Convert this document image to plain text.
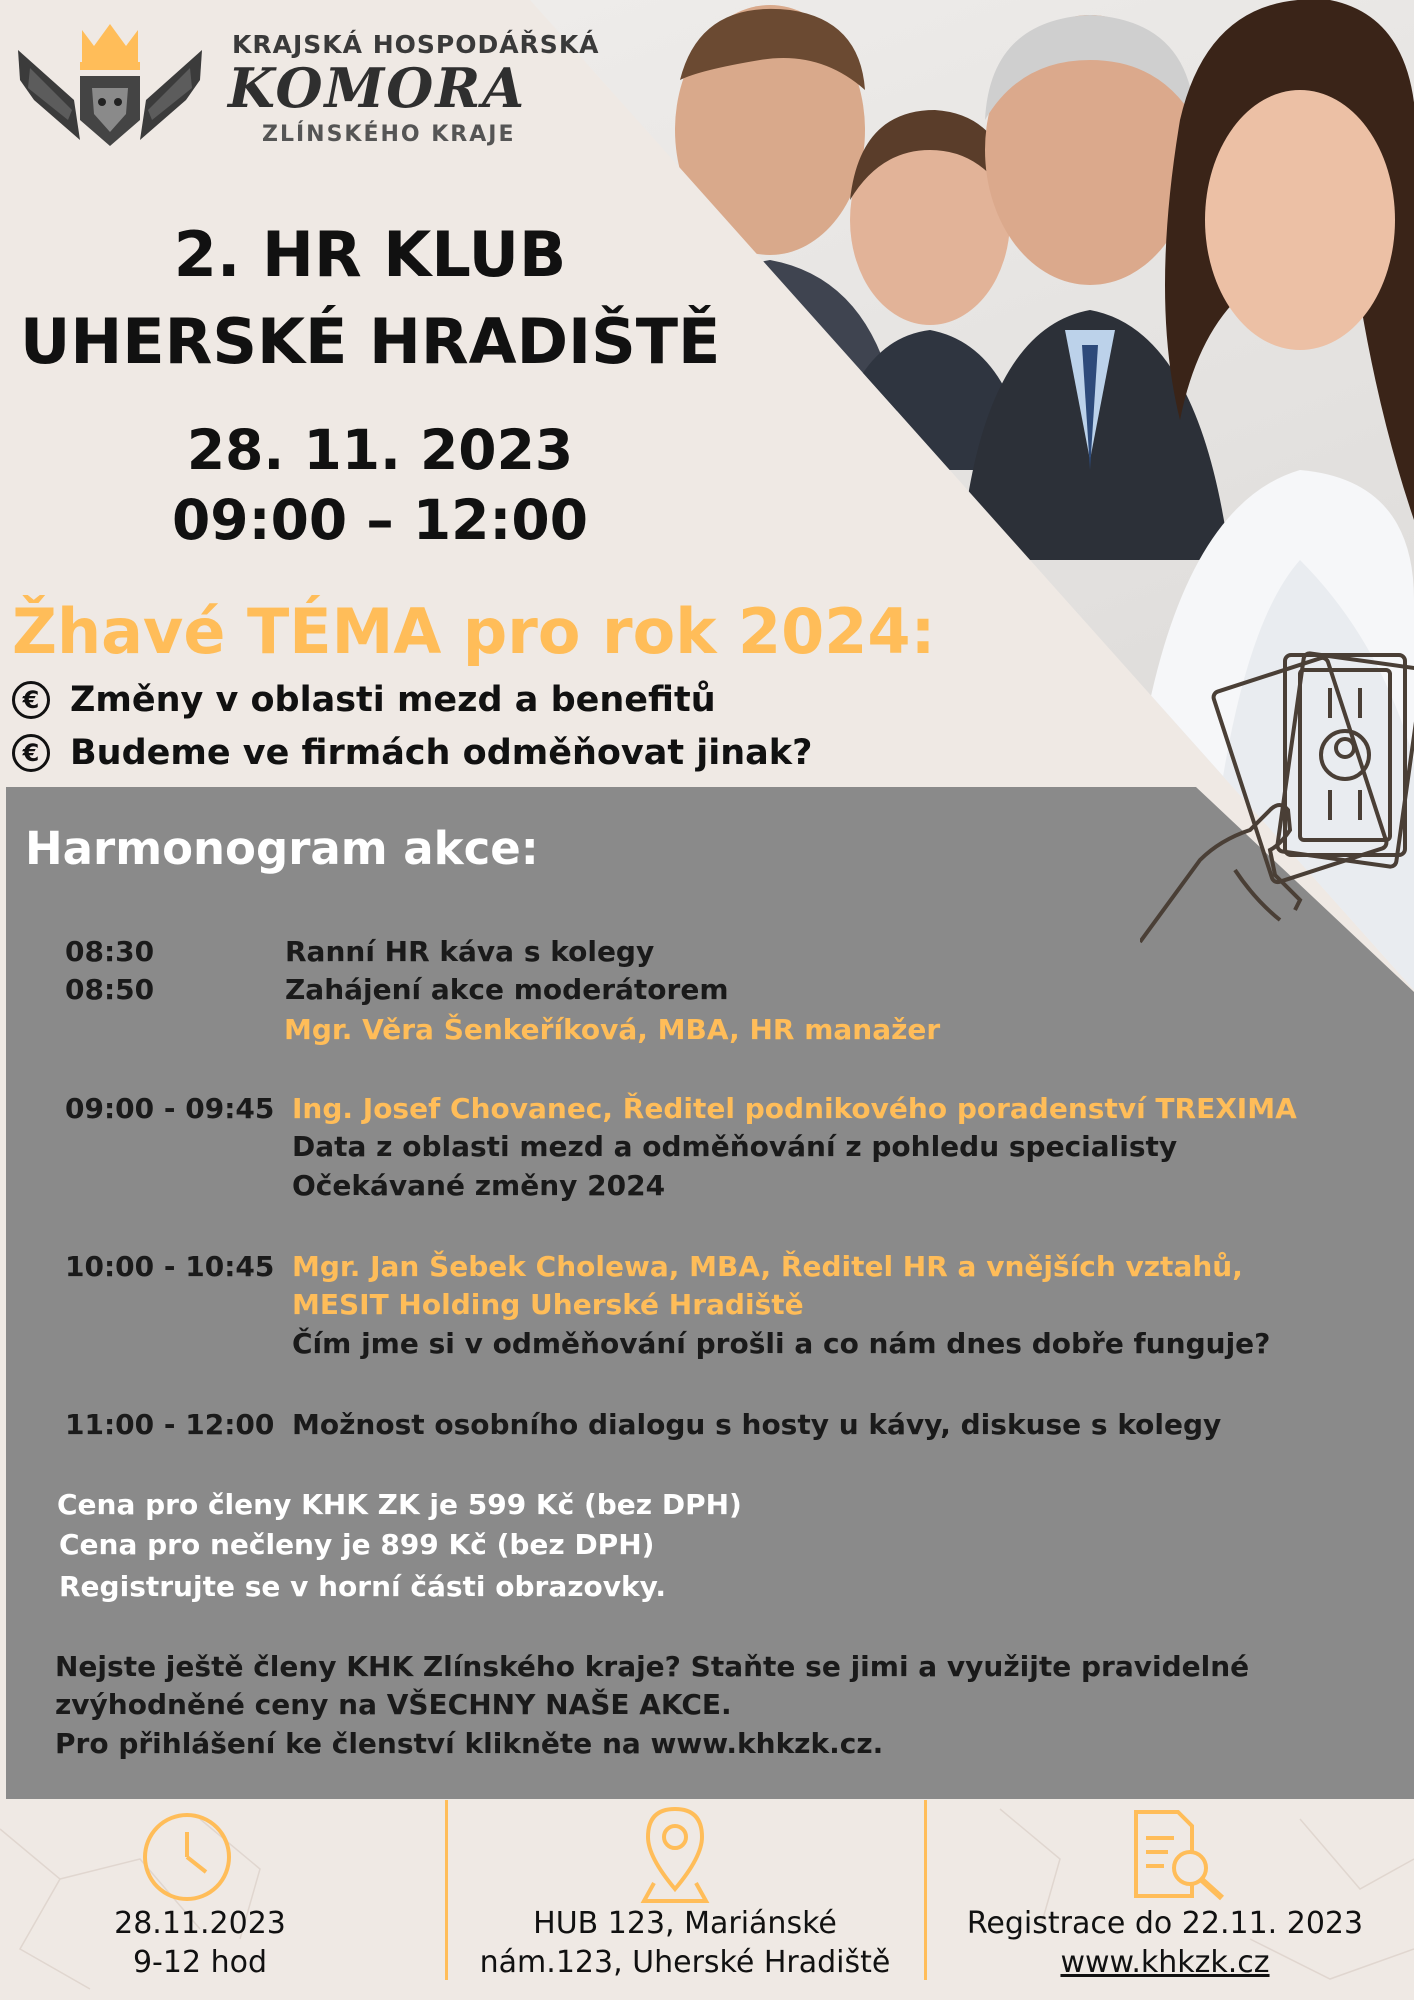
KRAJSKÁ HOSPODÁŘSKÁ
KOMORA
ZLÍNSKÉHO KRAJE
2. HR KLUB
UHERSKÉ HRADIŠTĚ
28. 11. 2023
09:00 – 12:00
Žhavé TÉMA pro rok 2024:
€ Změny v oblasti mezd a benefitů
€ Budeme ve firmách odměňovat jinak?
Harmonogram akce:
08:30	Ranní HR káva s kolegy
08:50	Zahájení akce moderátorem
Mgr. Věra Šenkeříková, MBA, HR manažer
09:00 - 09:45 Ing. Josef Chovanec, Ředitel podnikového poradenství TREXIMA
Data z oblasti mezd a odměňování z pohledu specialisty
Očekávané změny 2024
10:00 - 10:45 Mgr. Jan Šebek Cholewa, MBA, Ředitel HR a vnějších vztahů,
MESIT Holding Uherské Hradiště
Čím jme si v odměňování prošli a co nám dnes dobře funguje?
11:00 - 12:00 Možnost osobního dialogu s hosty u kávy, diskuse s kolegy
Cena pro členy KHK ZK je 599 Kč (bez DPH)
Cena pro nečleny je 899 Kč (bez DPH)
Registrujte se v horní části obrazovky.
Nejste ještě členy KHK Zlínského kraje? Staňte se jimi a využijte pravidelné
zvýhodněné ceny na VŠECHNY NAŠE AKCE.
Pro přihlášení ke členství klikněte na www.khkzk.cz.
28.11.2023
9-12 hod
HUB 123, Mariánské
nám.123, Uherské Hradiště
Registrace do 22.11. 2023
www.khkzk.cz
